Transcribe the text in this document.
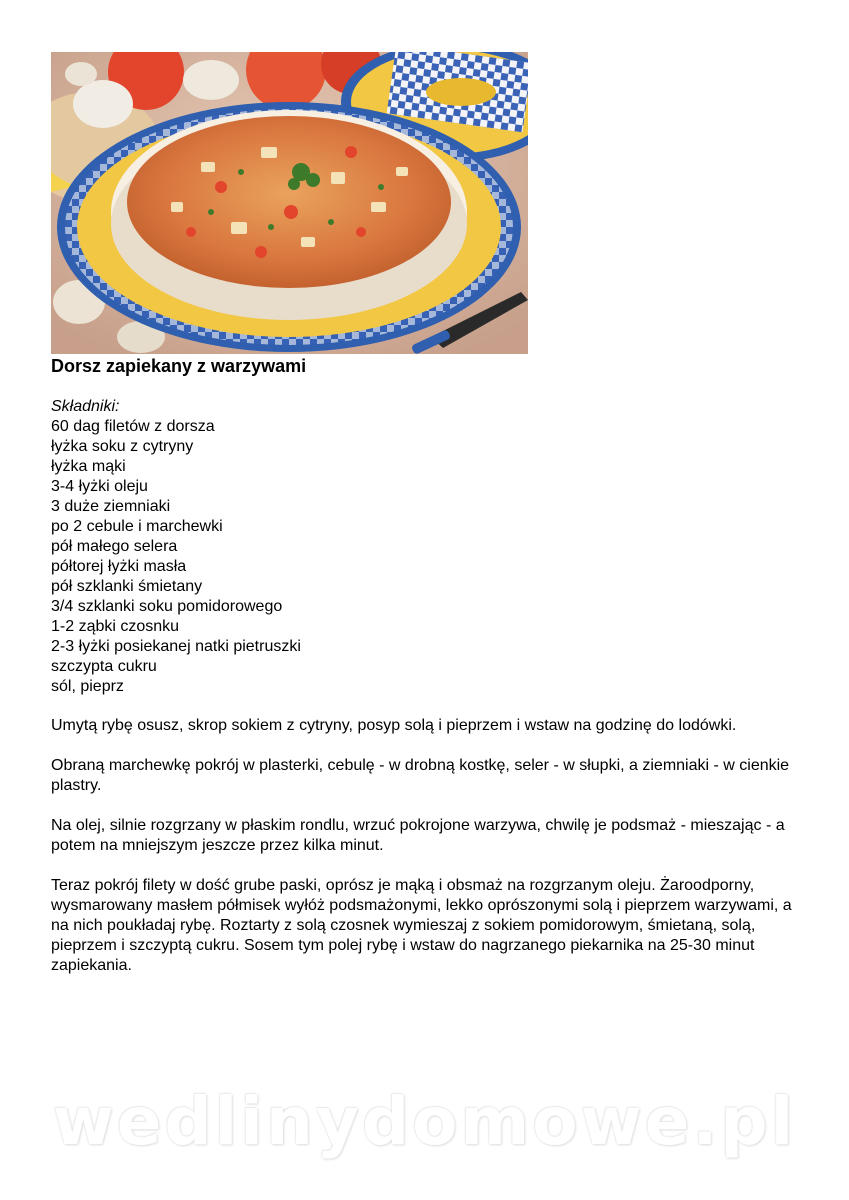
Dorsz zapiekany z warzywami
Składniki:
60 dag filetów z dorsza
łyżka soku z cytryny
łyżka mąki
3-4 łyżki oleju
3 duże ziemniaki
po 2 cebule i marchewki
pół małego selera
półtorej łyżki masła
pół szklanki śmietany
3/4 szklanki soku pomidorowego
1-2 ząbki czosnku
2-3 łyżki posiekanej natki pietruszki
szczypta cukru
sól, pieprz

Umytą rybę osusz, skrop sokiem z cytryny, posyp solą i pieprzem i wstaw na godzinę do lodówki.

Obraną marchewkę pokrój w plasterki, cebulę - w drobną kostkę, seler - w słupki, a ziemniaki - w cienkie plastry.

Na olej, silnie rozgrzany w płaskim rondlu, wrzuć pokrojone warzywa, chwilę je podsmaż - mieszając - a potem na mniejszym jeszcze przez kilka minut.

Teraz pokrój filety w dość grube paski, oprósz je mąką i obsmaż na rozgrzanym oleju. Żaroodporny, wysmarowany masłem półmisek wyłóż podsmażonymi, lekko oprószonymi solą i pieprzem warzywami, a na nich poukładaj rybę. Roztarty z solą czosnek wymieszaj z sokiem pomidorowym, śmietaną, solą, pieprzem i szczyptą cukru. Sosem tym polej rybę i wstaw do nagrzanego piekarnika na 25-30 minut zapiekania.

wedlinydomowe.pl
